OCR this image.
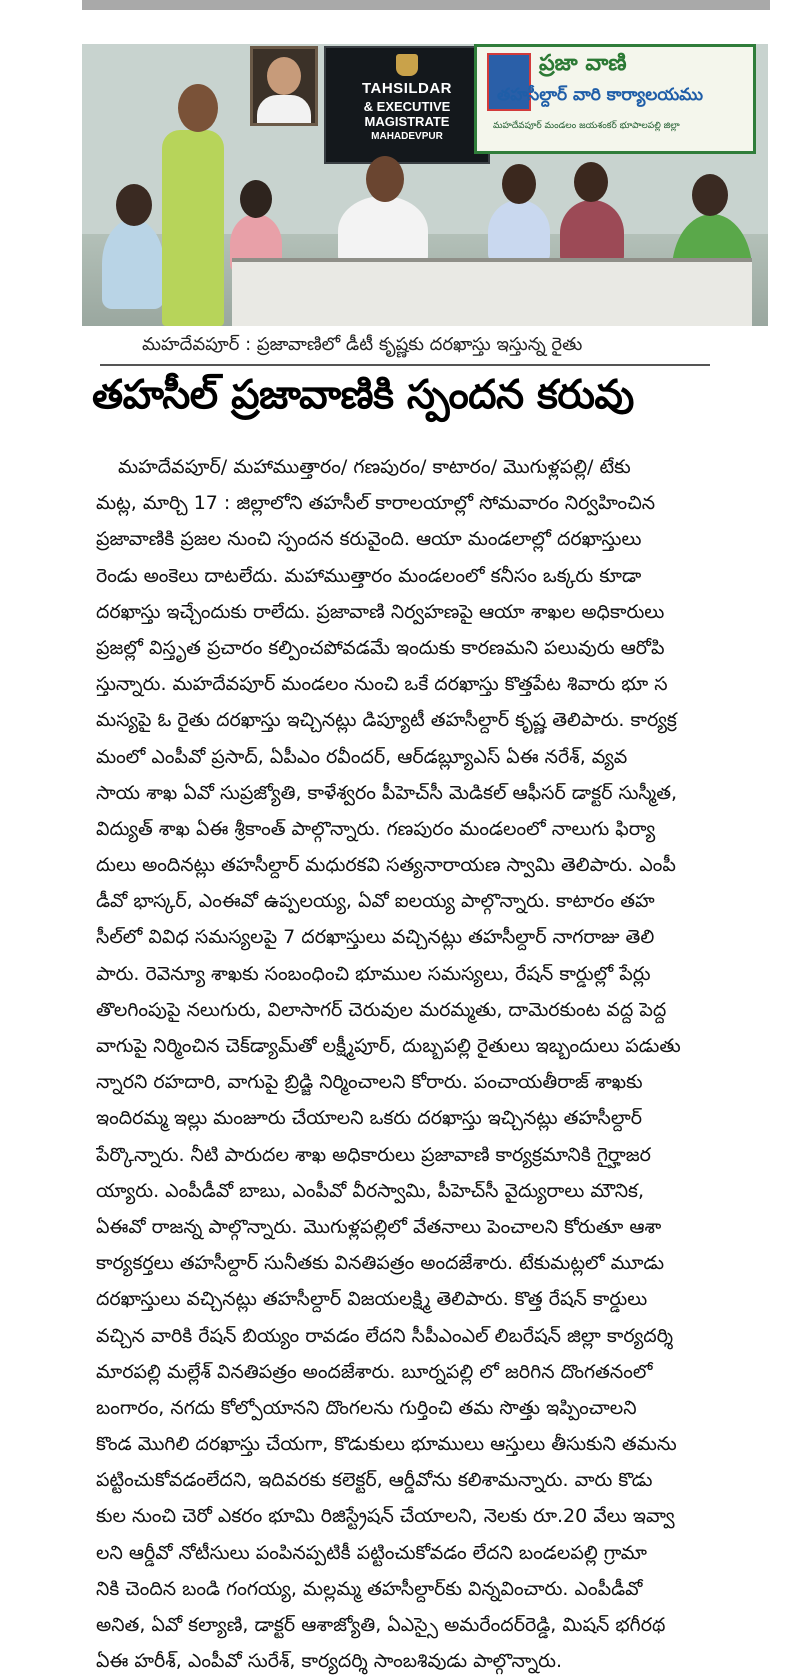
TAHSILDAR
& EXECUTIVE MAGISTRATE
MAHADEVPUR
ప్రజా వాణి
తహసీల్దార్ వారి కార్యాలయము
మహదేవపూర్ మండలం జయశంకర్ భూపాలపల్లి జిల్లా
మహదేవపూర్ : ప్రజావాణిలో డీటీ కృష్ణకు దరఖాస్తు ఇస్తున్న రైతు
తహసీల్ ప్రజావాణికి స్పందన కరువు
మహదేవపూర్/ మహాముత్తారం/ గణపురం/ కాటారం/ మొగుళ్లపల్లి/ టేకు
మట్ల, మార్చి 17 : జిల్లాలోని తహసీల్ కారాలయాల్లో సోమవారం నిర్వహించిన
ప్రజావాణికి ప్రజల నుంచి స్పందన కరువైంది. ఆయా మండలాల్లో దరఖాస్తులు
రెండు అంకెలు దాటలేదు. మహాముత్తారం మండలంలో కనీసం ఒక్కరు కూడా
దరఖాస్తు ఇచ్చేందుకు రాలేదు. ప్రజావాణి నిర్వహణపై ఆయా శాఖల అధికారులు
ప్రజల్లో విస్తృత ప్రచారం కల్పించపోవడమే ఇందుకు కారణమని పలువురు ఆరోపి
స్తున్నారు. మహదేవపూర్ మండలం నుంచి ఒకే దరఖాస్తు కొత్తపేట శివారు భూ స
మస్యపై ఓ రైతు దరఖాస్తు ఇచ్చినట్లు డిప్యూటీ తహసీల్దార్ కృష్ణ తెలిపారు. కార్యక్ర
మంలో ఎంపీవో ప్రసాద్, ఏపీఎం రవీందర్, ఆర్‌డబ్ల్యూఎస్ ఏఈ నరేశ్, వ్యవ
సాయ శాఖ ఏవో సుప్రజ్యోతి, కాళేశ్వరం పీహెచ్‌సీ మెడికల్ ఆఫీసర్ డాక్టర్ సుస్మీత,
విద్యుత్ శాఖ ఏఈ శ్రీకాంత్ పాల్గొన్నారు. గణపురం మండలంలో నాలుగు ఫిర్యా
దులు అందినట్లు తహసీల్దార్ మధురకవి సత్యనారాయణ స్వామి తెలిపారు. ఎంపీ
డీవో భాస్కర్, ఎంఈవో ఉప్పలయ్య, ఏవో ఐలయ్య పాల్గొన్నారు. కాటారం తహ
సీల్‌లో వివిధ సమస్యలపై 7 దరఖాస్తులు వచ్చినట్లు తహసీల్దార్ నాగరాజు తెలి
పారు. రెవెన్యూ శాఖకు సంబంధించి భూముల సమస్యలు, రేషన్ కార్డుల్లో పేర్లు
తొలగింపుపై నలుగురు, విలాసాగర్ చెరువుల మరమ్మతు, దామెరకుంట వద్ద పెద్ద
వాగుపై నిర్మించిన చెక్‌డ్యామ్‌తో లక్ష్మీపూర్, దుబ్బపల్లి రైతులు ఇబ్బందులు పడుతు
న్నారని రహదారి, వాగుపై బ్రిడ్జి నిర్మించాలని కోరారు. పంచాయతీరాజ్ శాఖకు
ఇందిరమ్మ ఇల్లు మంజూరు చేయాలని ఒకరు దరఖాస్తు ఇచ్చినట్లు తహసీల్దార్
పేర్కొన్నారు. నీటి పారుదల శాఖ అధికారులు ప్రజావాణి కార్యక్రమానికి గైర్హాజర
య్యారు. ఎంపీడీవో బాబు, ఎంపీవో వీరస్వామి, పీహెచ్‌సీ వైద్యురాలు మౌనిక,
ఏఈవో రాజన్న పాల్గొన్నారు. మొగుళ్లపల్లిలో వేతనాలు పెంచాలని కోరుతూ ఆశా
కార్యకర్తలు తహసీల్దార్ సునీతకు వినతిపత్రం అందజేశారు. టేకుమట్లలో మూడు
దరఖాస్తులు వచ్చినట్లు తహసీల్దార్ విజయలక్ష్మి తెలిపారు. కొత్త రేషన్ కార్డులు
వచ్చిన వారికి రేషన్ బియ్యం రావడం లేదని సీపీఎంఎల్ లిబరేషన్ జిల్లా కార్యదర్శి
మారపల్లి మల్లేశ్ వినతిపత్రం అందజేశారు. బూర్నపల్లి లో జరిగిన దొంగతనంలో
బంగారం, నగదు కోల్పోయానని దొంగలను గుర్తించి తమ సొత్తు ఇప్పించాలని
కొండ మొగిలి దరఖాస్తు చేయగా, కొడుకులు భూములు ఆస్తులు తీసుకుని తమను
పట్టించుకోవడంలేదని, ఇదివరకు కలెక్టర్, ఆర్డీవోను కలిశామన్నారు. వారు కొడు
కుల నుంచి చెరో ఎకరం భూమి రిజిస్ట్రేషన్ చేయాలని, నెలకు రూ.20 వేలు ఇవ్వా
లని ఆర్డీవో నోటీసులు పంపినప్పటికీ పట్టించుకోవడం లేదని బండలపల్లి గ్రామా
నికి చెందిన బండి గంగయ్య, మల్లమ్మ తహసీల్దార్‌కు విన్నవించారు. ఎంపీడీవో
అనిత, ఏవో కల్యాణి, డాక్టర్ ఆశాజ్యోతి, ఏఎస్సై అమరేందర్‌రెడ్డి, మిషన్ భగీరథ
ఏఈ హరీశ్, ఎంపీవో సురేశ్, కార్యదర్శి సాంబశివుడు పాల్గొన్నారు.
